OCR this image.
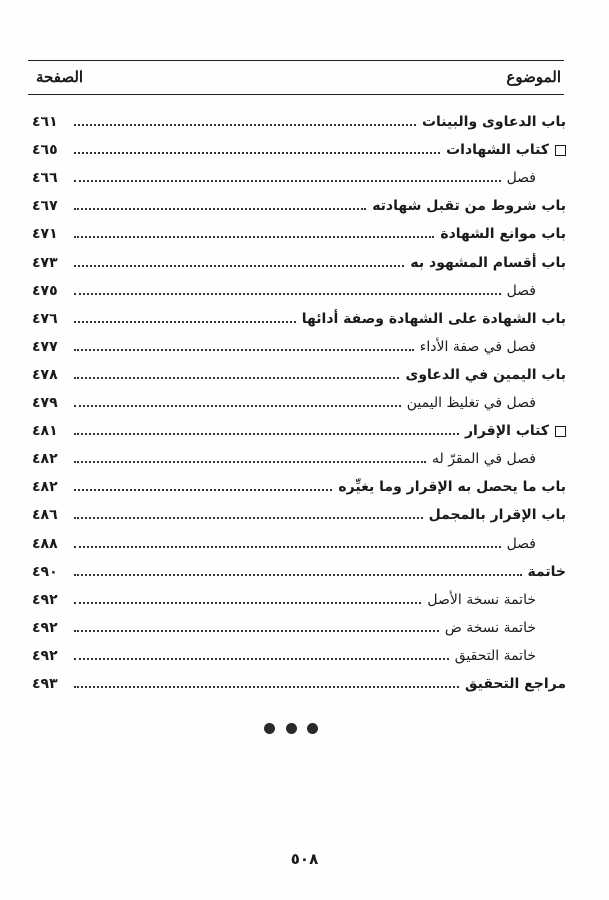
الموضوع
الصفحة
باب الدعاوى والبينات
٤٦١
كتاب الشهادات
٤٦٥
فصل
٤٦٦
باب شروط من تقبل شهادته
٤٦٧
باب موانع الشهادة
٤٧١
باب أقسام المشهود به
٤٧٣
فصل
٤٧٥
باب الشهادة على الشهادة وصفة أدائها
٤٧٦
فصل في صفة الأداء
٤٧٧
باب اليمين في الدعاوى
٤٧٨
فصل في تغليظ اليمين
٤٧٩
كتاب الإقرار
٤٨١
فصل في المقرّ له
٤٨٢
باب ما يحصل به الإقرار وما يغيِّره
٤٨٢
باب الإقرار بالمجمل
٤٨٦
فصل
٤٨٨
خاتمة
٤٩٠
خاتمة نسخة الأصل
٤٩٢
خاتمة نسخة ض
٤٩٢
خاتمة التحقيق
٤٩٢
مراجع التحقيق
٤٩٣
٥٠٨
